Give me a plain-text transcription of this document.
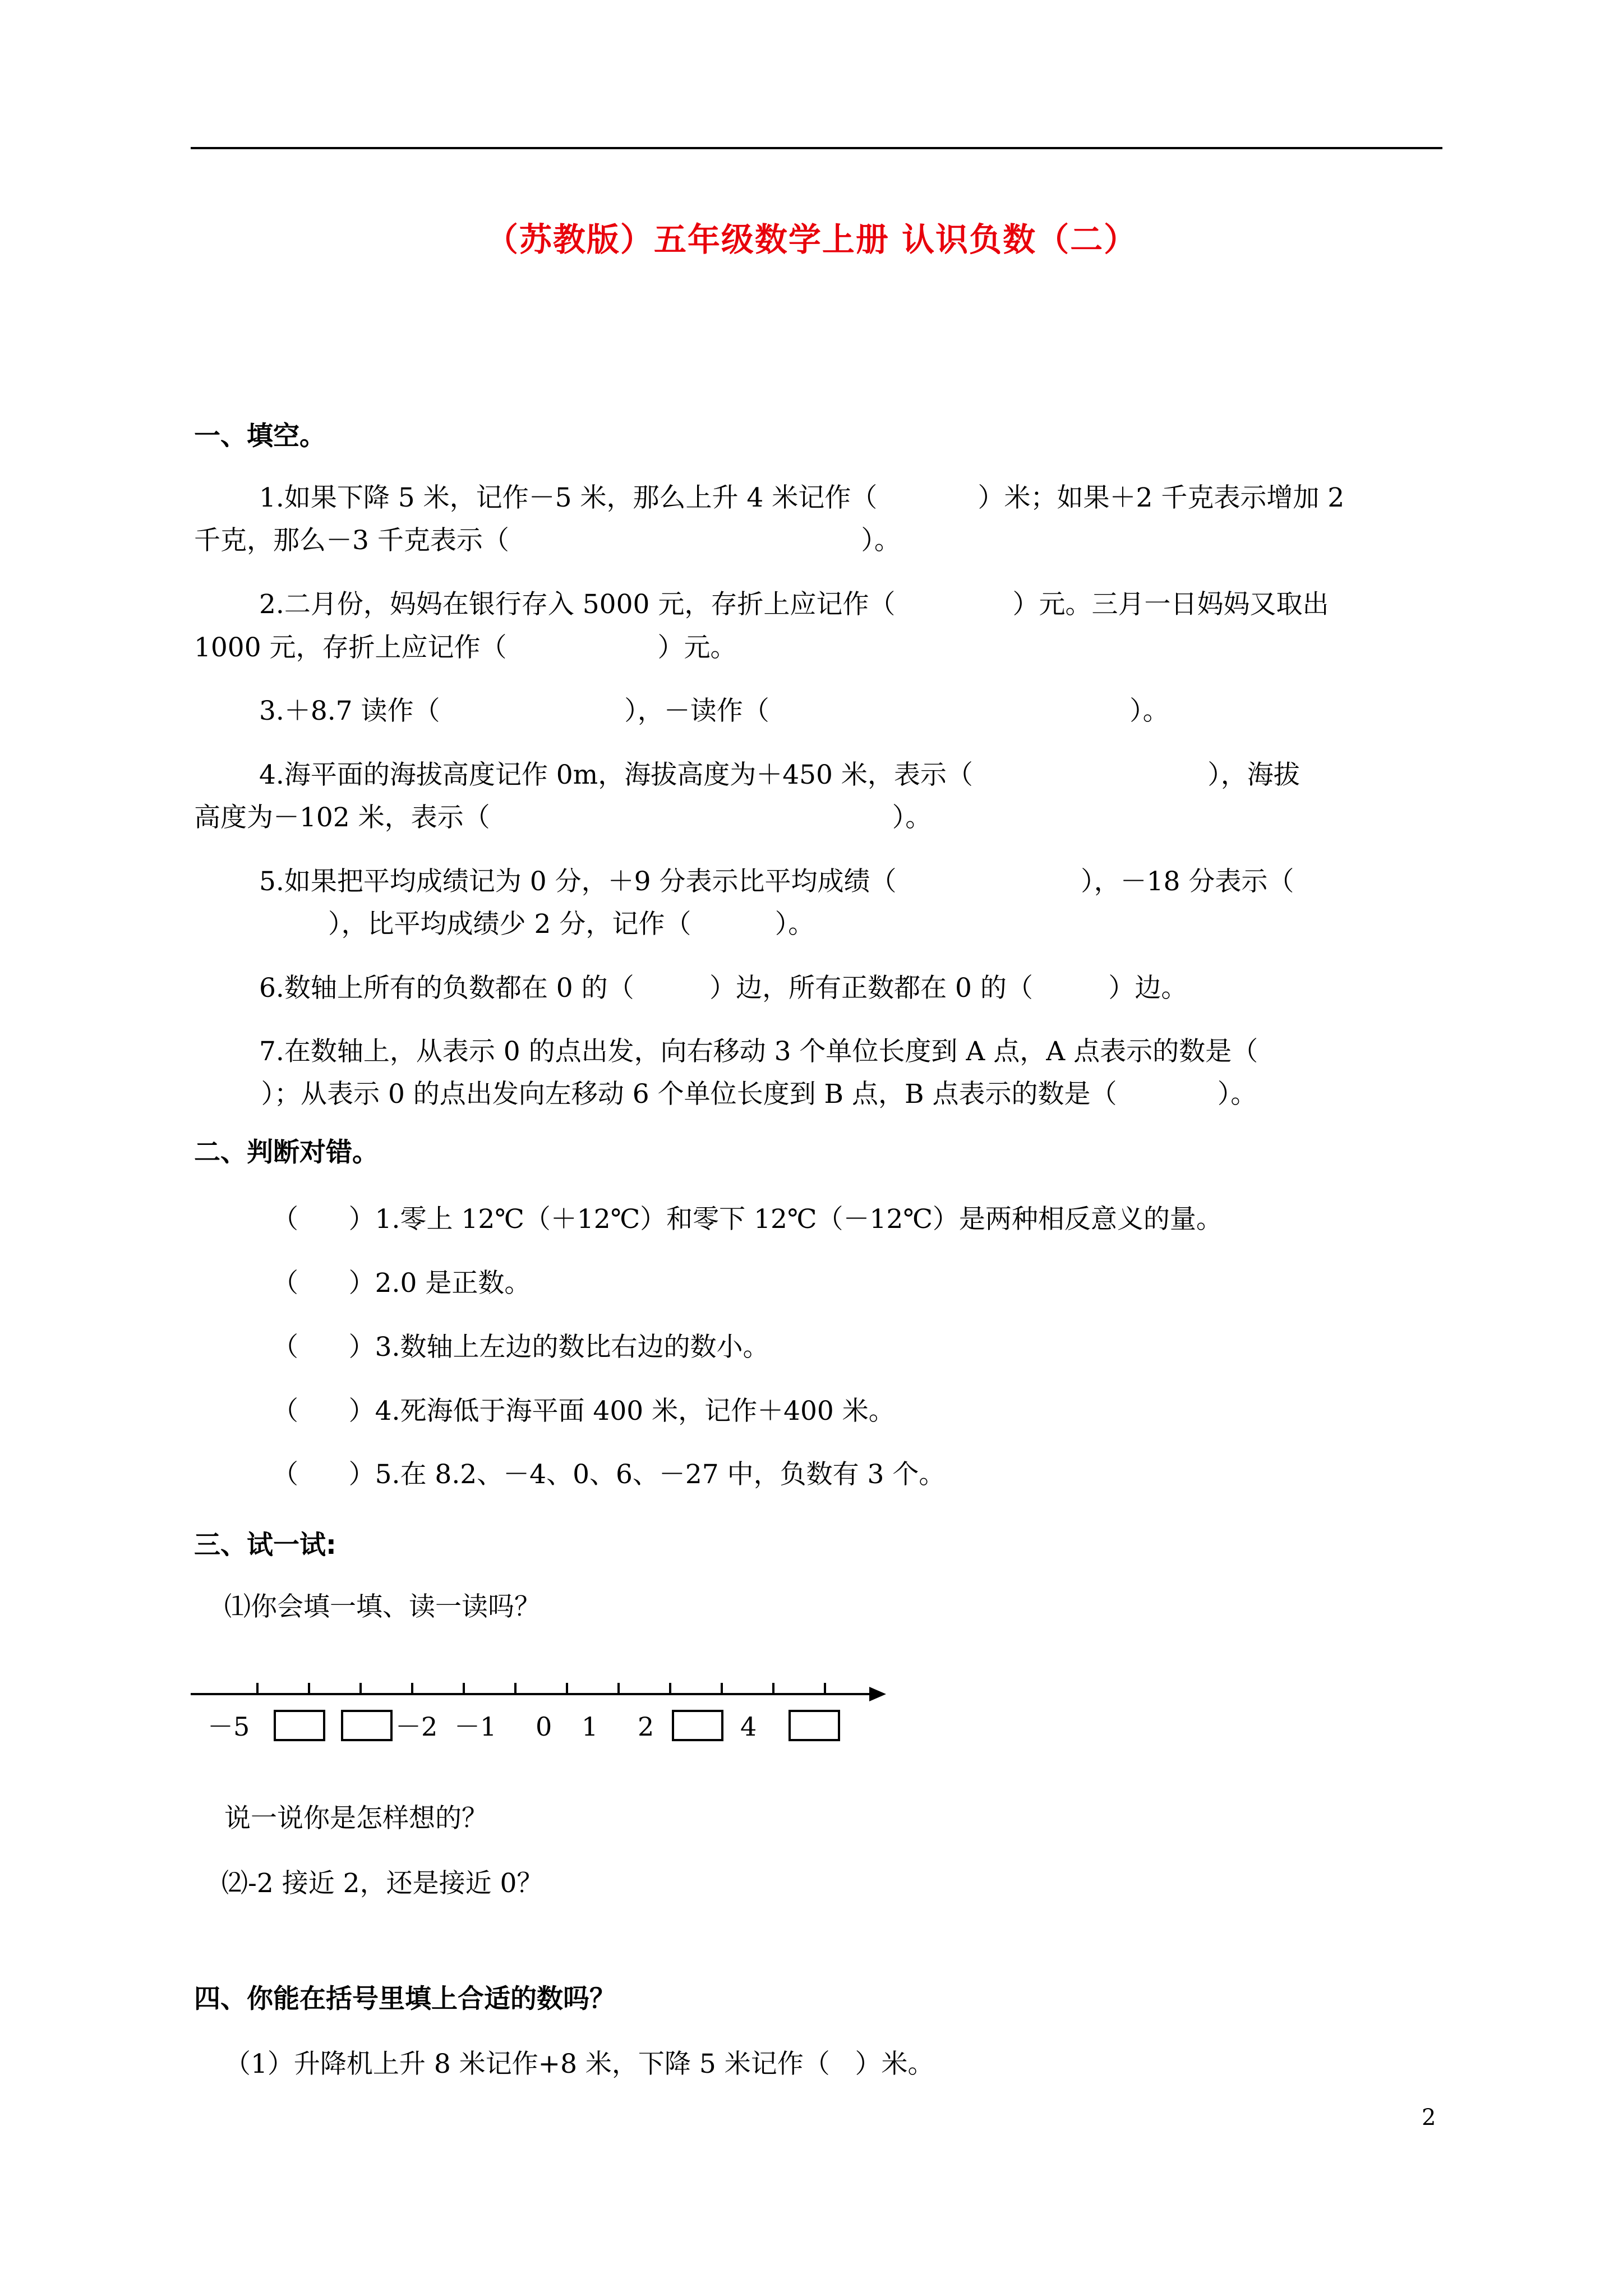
（苏教版）五年级数学上册 认识负数（二）
一、填空。
1.如果下降 5 米，记作－5 米，那么上升 4 米记作（            ）米；如果＋2 千克表示增加 2
千克，那么－3 千克表示（                                          ）。
2.二月份，妈妈在银行存入 5000 元，存折上应记作（              ）元。三月一日妈妈又取出
1000 元，存折上应记作（                  ）元。
3.＋8.7 读作（                      ），－读作（                                           ）。
4.海平面的海拔高度记作 0m，海拔高度为＋450 米，表示（                            ），海拔
高度为－102 米，表示（                                                ）。
5.如果把平均成绩记为 0 分，＋9 分表示比平均成绩（                      ），－18 分表示（
），比平均成绩少 2 分，记作（          ）。
6.数轴上所有的负数都在 0 的（         ）边，所有正数都在 0 的（         ）边。
7.在数轴上，从表示 0 的点出发，向右移动 3 个单位长度到 A 点，A 点表示的数是（
）；从表示 0 的点出发向左移动 6 个单位长度到 B 点，B 点表示的数是（            ）。
二、判断对错。
（      ）1.零上 12℃（＋12℃）和零下 12℃（－12℃）是两种相反意义的量。
（      ）2.0 是正数。
（      ）3.数轴上左边的数比右边的数小。
（      ）4.死海低于海平面 400 米，记作＋400 米。
（      ）5.在 8.2、－4、0、6、－27 中，负数有 3 个。
三、试一试:
⑴你会填一填、读一读吗？
－5	－2 －1 0 1 2	4
说一说你是怎样想的？
⑵-2 接近 2，还是接近 0？
四、你能在括号里填上合适的数吗？
（1）升降机上升 8 米记作+8 米，下降 5 米记作（   ）米。
2
